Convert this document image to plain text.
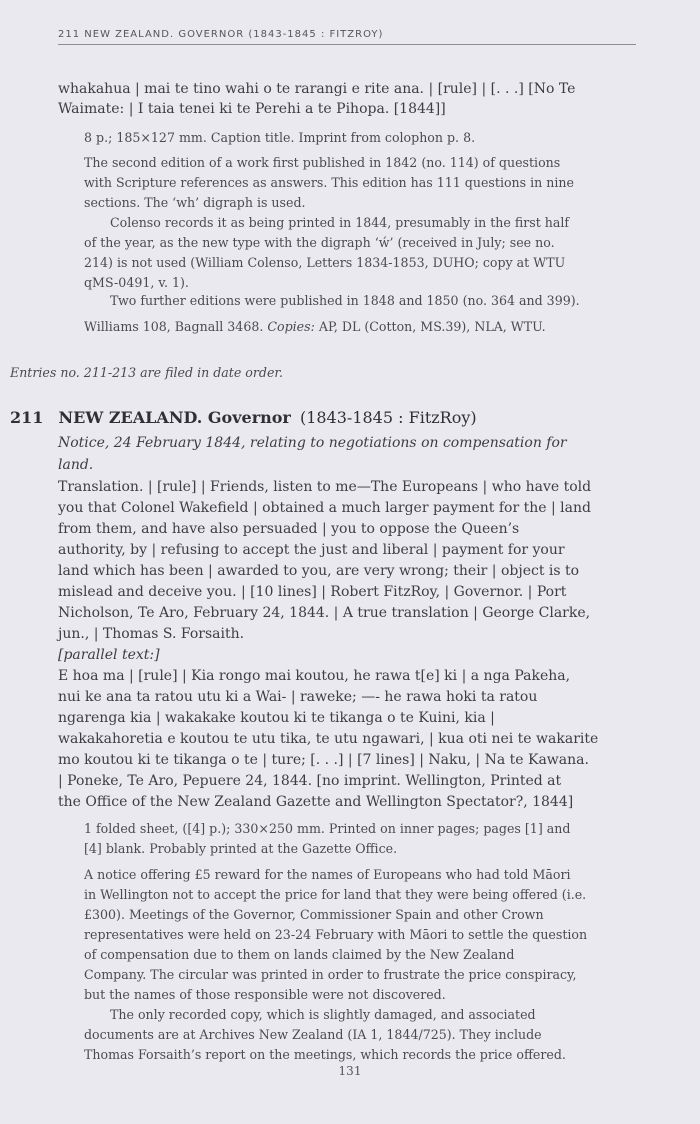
211 NEW ZEALAND. GOVERNOR (1843-1845 : FITZROY)
whakahua | mai te tino wahi o te rarangi e rite ana. | [rule] | [. . .] [No Te
Waimate: | I taia tenei ki te Perehi a te Pihopa. [1844]]
8 p.; 185×127 mm. Caption title. Imprint from colophon p. 8.
The second edition of a work first published in 1842 (no. 114) of questions
with Scripture references as answers. This edition has 111 questions in nine
sections. The ‘wh’ digraph is used.
Colenso records it as being printed in 1844, presumably in the first half
of the year, as the new type with the digraph ‘ẃ’ (received in July; see no.
214) is not used (William Colenso, Letters 1834-1853, DUHO; copy at WTU
qMS-0491, v. 1).
Two further editions were published in 1848 and 1850 (no. 364 and 399).
Williams 108, Bagnall 3468. Copies: AP, DL (Cotton, MS.39), NLA, WTU.
Entries no. 211-213 are filed in date order.
211 NEW ZEALAND. Governor (1843-1845 : FitzRoy)
Notice, 24 February 1844, relating to negotiations on compensation for
land.
Translation. | [rule] | Friends, listen to me—The Europeans | who have told
you that Colonel Wakefield | obtained a much larger payment for the | land
from them, and have also persuaded | you to oppose the Queen’s
authority, by | refusing to accept the just and liberal | payment for your
land which has been | awarded to you, are very wrong; their | object is to
mislead and deceive you. | [10 lines] | Robert FitzRoy, | Governor. | Port
Nicholson, Te Aro, February 24, 1844. | A true translation | George Clarke,
jun., | Thomas S. Forsaith.
[parallel text:]
E hoa ma | [rule] | Kia rongo mai koutou, he rawa t[e] ki | a nga Pakeha,
nui ke ana ta ratou utu ki a Wai- | raweke; —- he rawa hoki ta ratou
ngarenga kia | wakakake koutou ki te tikanga o te Kuini, kia |
wakakahoretia e koutou te utu tika, te utu ngawari, | kua oti nei te wakarite
mo koutou ki te tikanga o te | ture; [. . .] | [7 lines] | Naku, | Na te Kawana.
| Poneke, Te Aro, Pepuere 24, 1844. [no imprint. Wellington, Printed at
the Office of the New Zealand Gazette and Wellington Spectator?, 1844]
1 folded sheet, ([4] p.); 330×250 mm. Printed on inner pages; pages [1] and
[4] blank. Probably printed at the Gazette Office.
A notice offering £5 reward for the names of Europeans who had told Māori
in Wellington not to accept the price for land that they were being offered (i.e.
£300). Meetings of the Governor, Commissioner Spain and other Crown
representatives were held on 23-24 February with Māori to settle the question
of compensation due to them on lands claimed by the New Zealand
Company. The circular was printed in order to frustrate the price conspiracy,
but the names of those responsible were not discovered.
The only recorded copy, which is slightly damaged, and associated
documents are at Archives New Zealand (IA 1, 1844/725). They include
Thomas Forsaith’s report on the meetings, which records the price offered.
131
